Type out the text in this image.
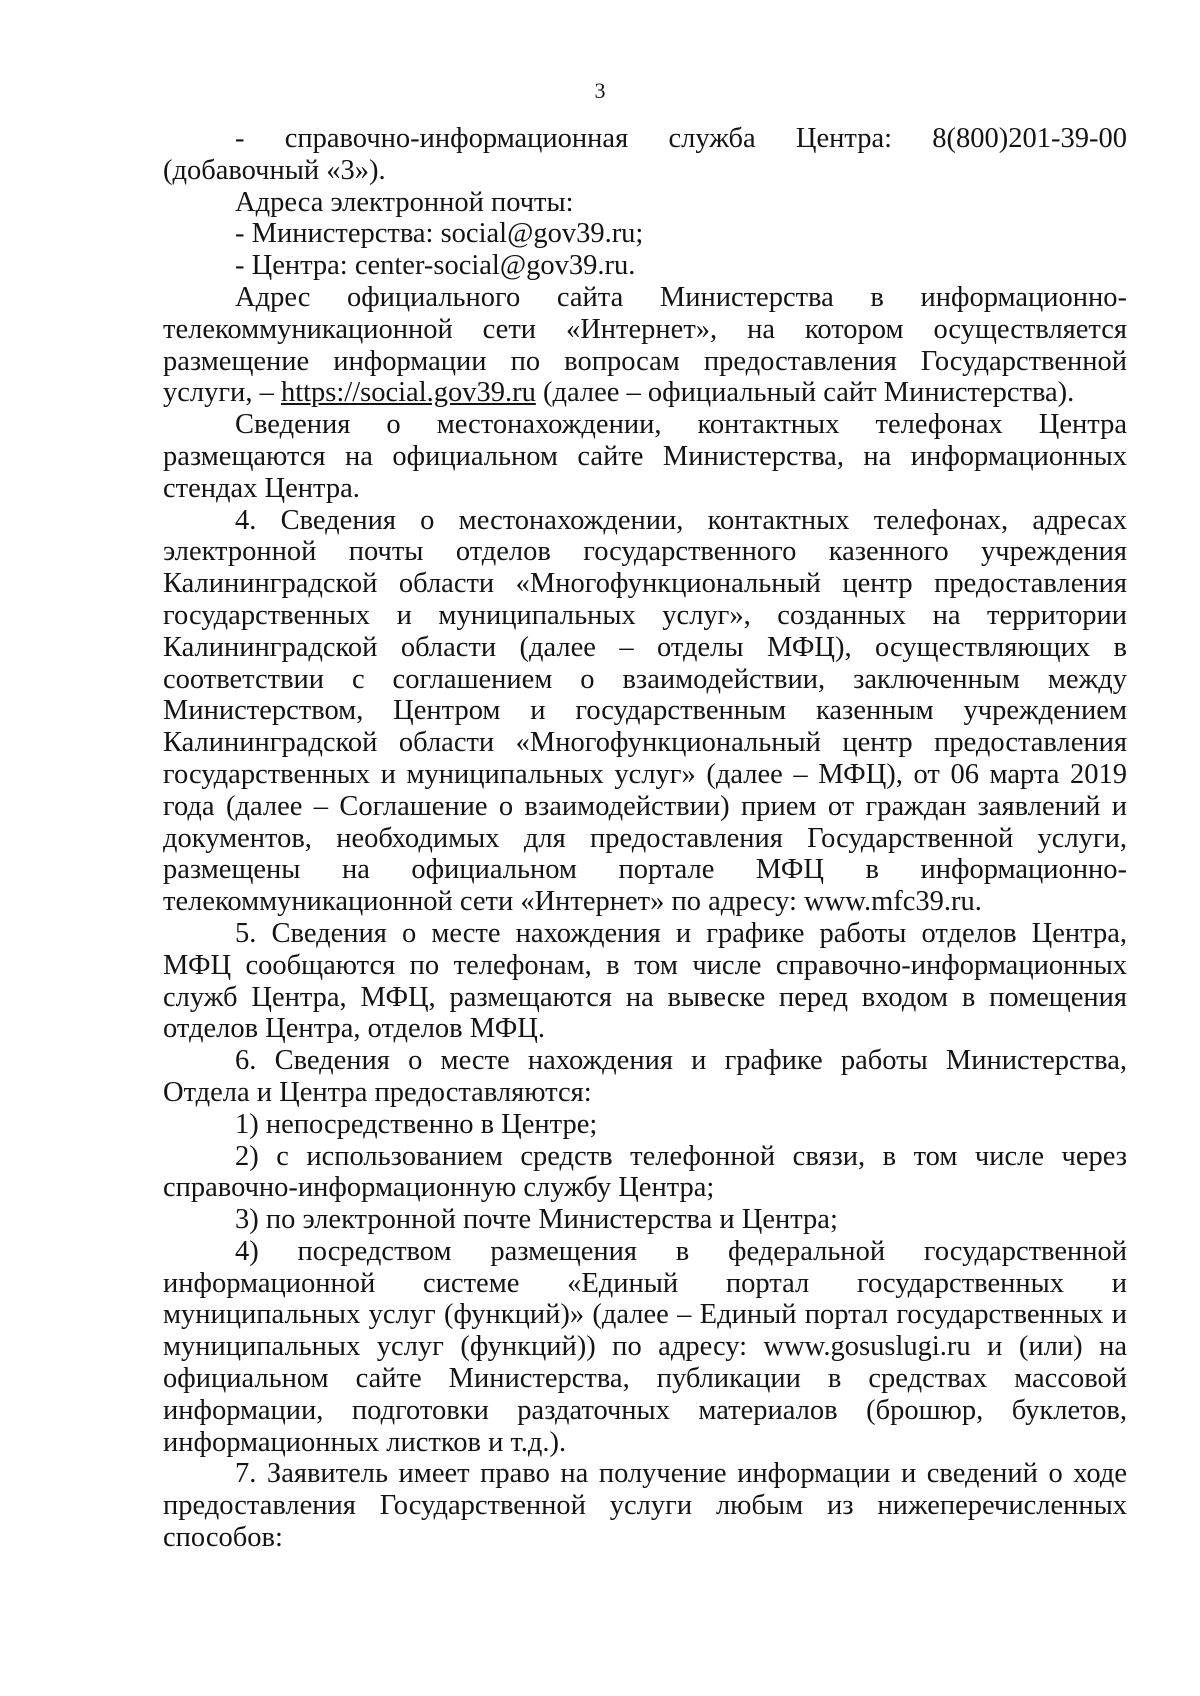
3

- справочно-информационная служба Центра: 8(800)201-39-00 (добавочный «3»).

Адреса электронной почты:

- Министерства: social@gov39.ru;

- Центра: center-social@gov39.ru.

Адрес официального сайта Министерства в информационно-телекоммуникационной сети «Интернет», на котором осуществляется размещение информации по вопросам предоставления Государственной услуги, – https://social.gov39.ru (далее – официальный сайт Министерства).

Сведения о местонахождении, контактных телефонах Центра размещаются на официальном сайте Министерства, на информационных стендах Центра.

4. Сведения о местонахождении, контактных телефонах, адресах электронной почты отделов государственного казенного учреждения Калининградской области «Многофункциональный центр предоставления государственных и муниципальных услуг», созданных на территории Калининградской области (далее – отделы МФЦ), осуществляющих в соответствии с соглашением о взаимодействии, заключенным между Министерством, Центром и государственным казенным учреждением Калининградской области «Многофункциональный центр предоставления государственных и муниципальных услуг» (далее – МФЦ), от 06 марта 2019 года (далее – Соглашение о взаимодействии) прием от граждан заявлений и документов, необходимых для предоставления Государственной услуги, размещены на официальном портале МФЦ в информационно-телекоммуникационной сети «Интернет» по адресу: www.mfc39.ru.

5. Сведения о месте нахождения и графике работы отделов Центра, МФЦ сообщаются по телефонам, в том числе справочно-информационных служб Центра, МФЦ, размещаются на вывеске перед входом в помещения отделов Центра, отделов МФЦ.

6. Сведения о месте нахождения и графике работы Министерства, Отдела и Центра предоставляются:

1) непосредственно в Центре;

2) с использованием средств телефонной связи, в том числе через справочно-информационную службу Центра;

3) по электронной почте Министерства и Центра;

4) посредством размещения в федеральной государственной информационной системе «Единый портал государственных и муниципальных услуг (функций)» (далее – Единый портал государственных и муниципальных услуг (функций)) по адресу: www.gosuslugi.ru и (или) на официальном сайте Министерства, публикации в средствах массовой информации, подготовки раздаточных материалов (брошюр, буклетов, информационных листков и т.д.).

7. Заявитель имеет право на получение информации и сведений о ходе предоставления Государственной услуги любым из нижеперечисленных способов:
